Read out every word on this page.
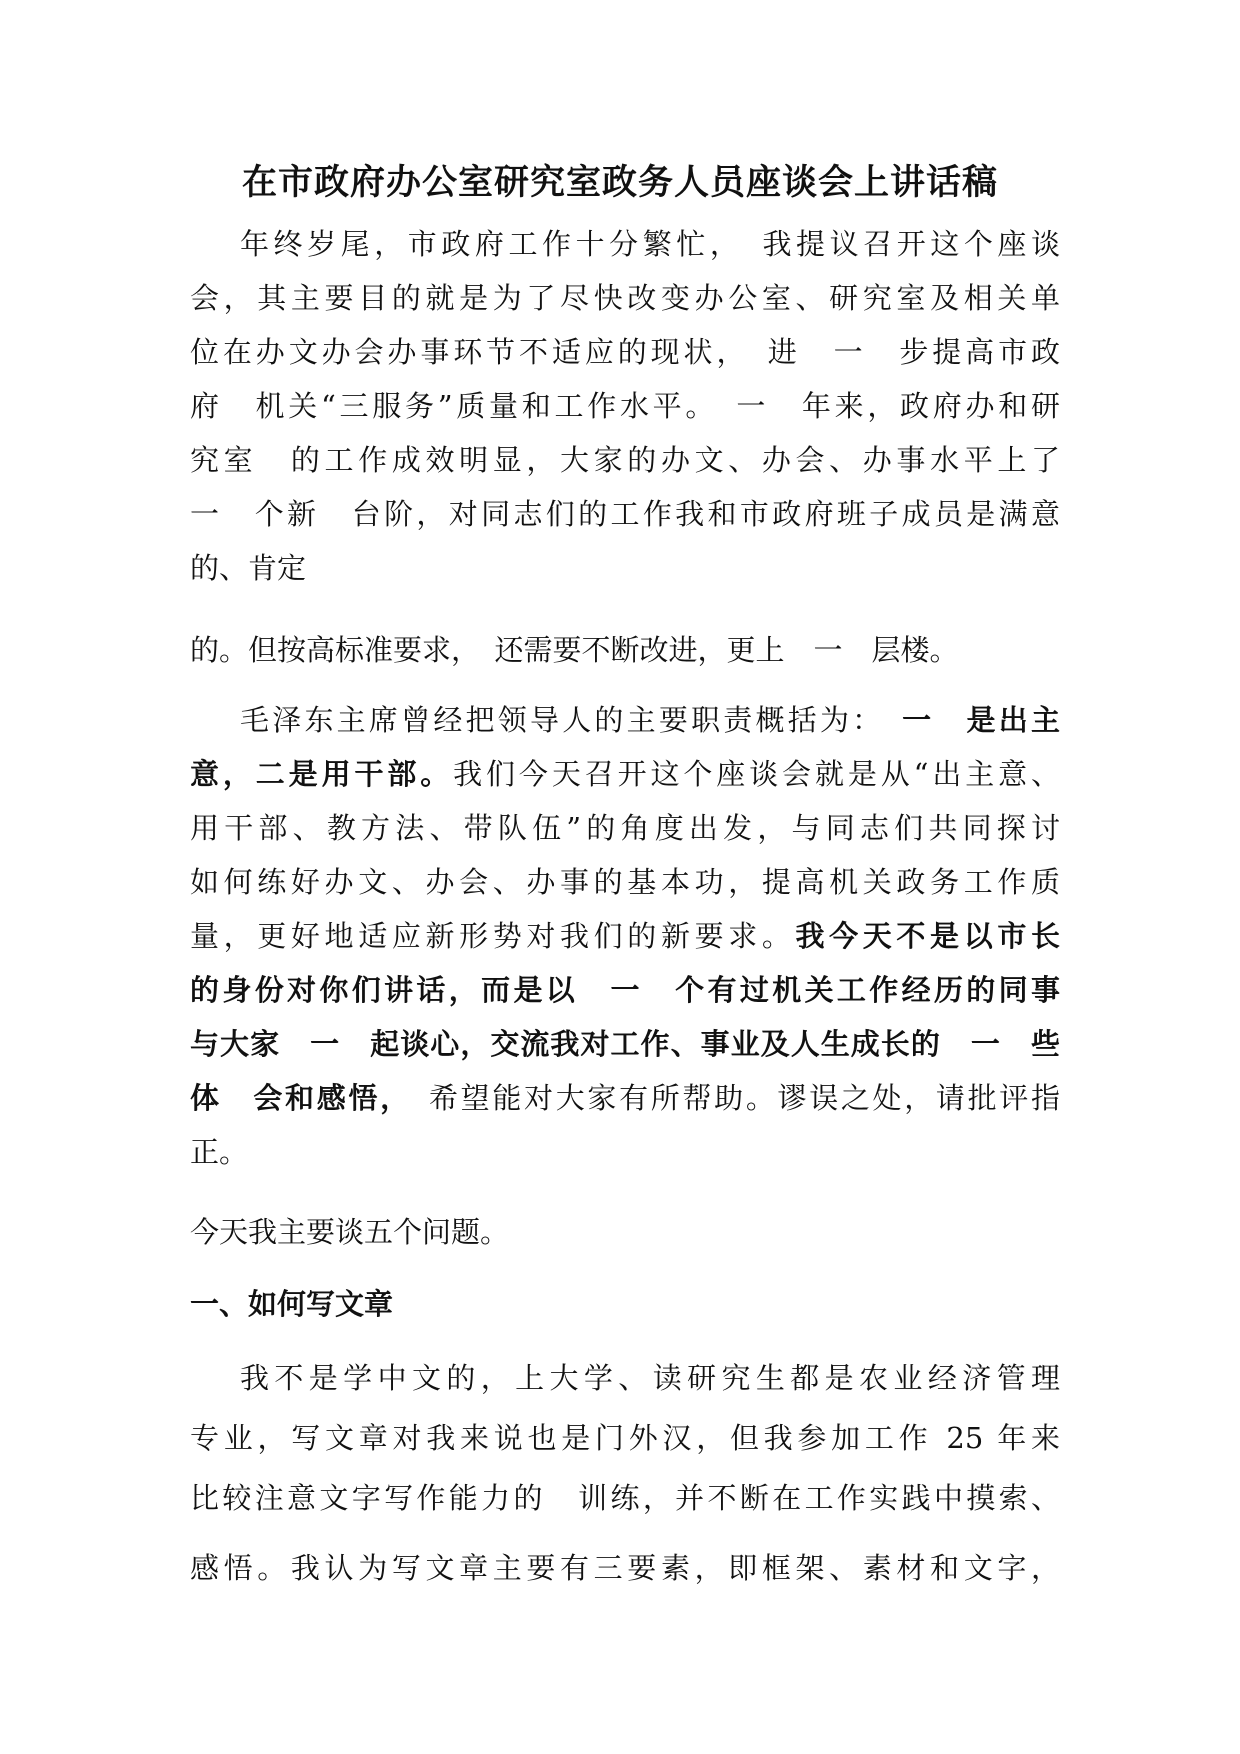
在市政府办公室研究室政务人员座谈会上讲话稿

年终岁尾，市政府工作十分繁忙，　我提议召开这个座谈

会，其主要目的就是为了尽快改变办公室、研究室及相关单

位在办文办会办事环节不适应的现状，　进　一　步提高市政

府　机关“三服务”质量和工作水平。　一　年来，政府办和研

究室　的工作成效明显，大家的办文、办会、办事水平上了

一　个新　台阶，对同志们的工作我和市政府班子成员是满意

的、肯定

的。但按高标准要求，　还需要不断改进，更上　一　层楼。

毛泽东主席曾经把领导人的主要职责概括为：　一　是出主

意，二是用干部。我们今天召开这个座谈会就是从“出主意、

用干部、教方法、带队伍”的角度出发，与同志们共同探讨

如何练好办文、办会、办事的基本功，提高机关政务工作质

量，更好地适应新形势对我们的新要求。我今天不是以市长

的身份对你们讲话，而是以　一　个有过机关工作经历的同事

与大家　一　起谈心，交流我对工作、事业及人生成长的　一　些

体　会和感悟，　希望能对大家有所帮助。谬误之处，请批评指

正。

今天我主要谈五个问题。

一、如何写文章

我不是学中文的，上大学、读研究生都是农业经济管理

专业，写文章对我来说也是门外汉，但我参加工作 25 年来

比较注意文字写作能力的　训练，并不断在工作实践中摸索、

感悟。我认为写文章主要有三要素，即框架、素材和文字，
